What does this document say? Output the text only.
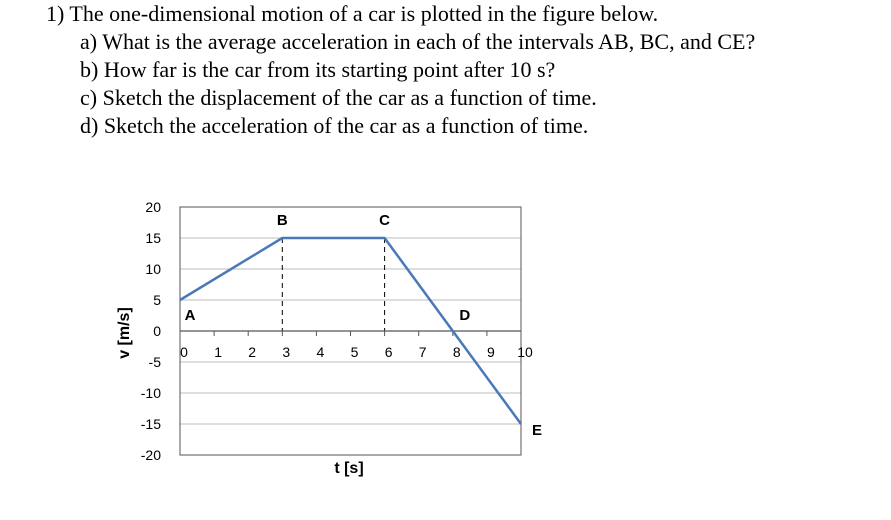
1) The one-dimensional motion of a car is plotted in the figure below.
a) What is the average acceleration in each of the intervals AB, BC, and CE?
b) How far is the car from its starting point after 10 s?
c) Sketch the displacement of the car as a function of time.
d) Sketch the acceleration of the car as a function of time.
20
15
10
5
0
-5
-10
-15
-20
0 1 2 3 4 5 6 7 8 9 10
A
B	C
D
E
t [s]
v [m/s]
